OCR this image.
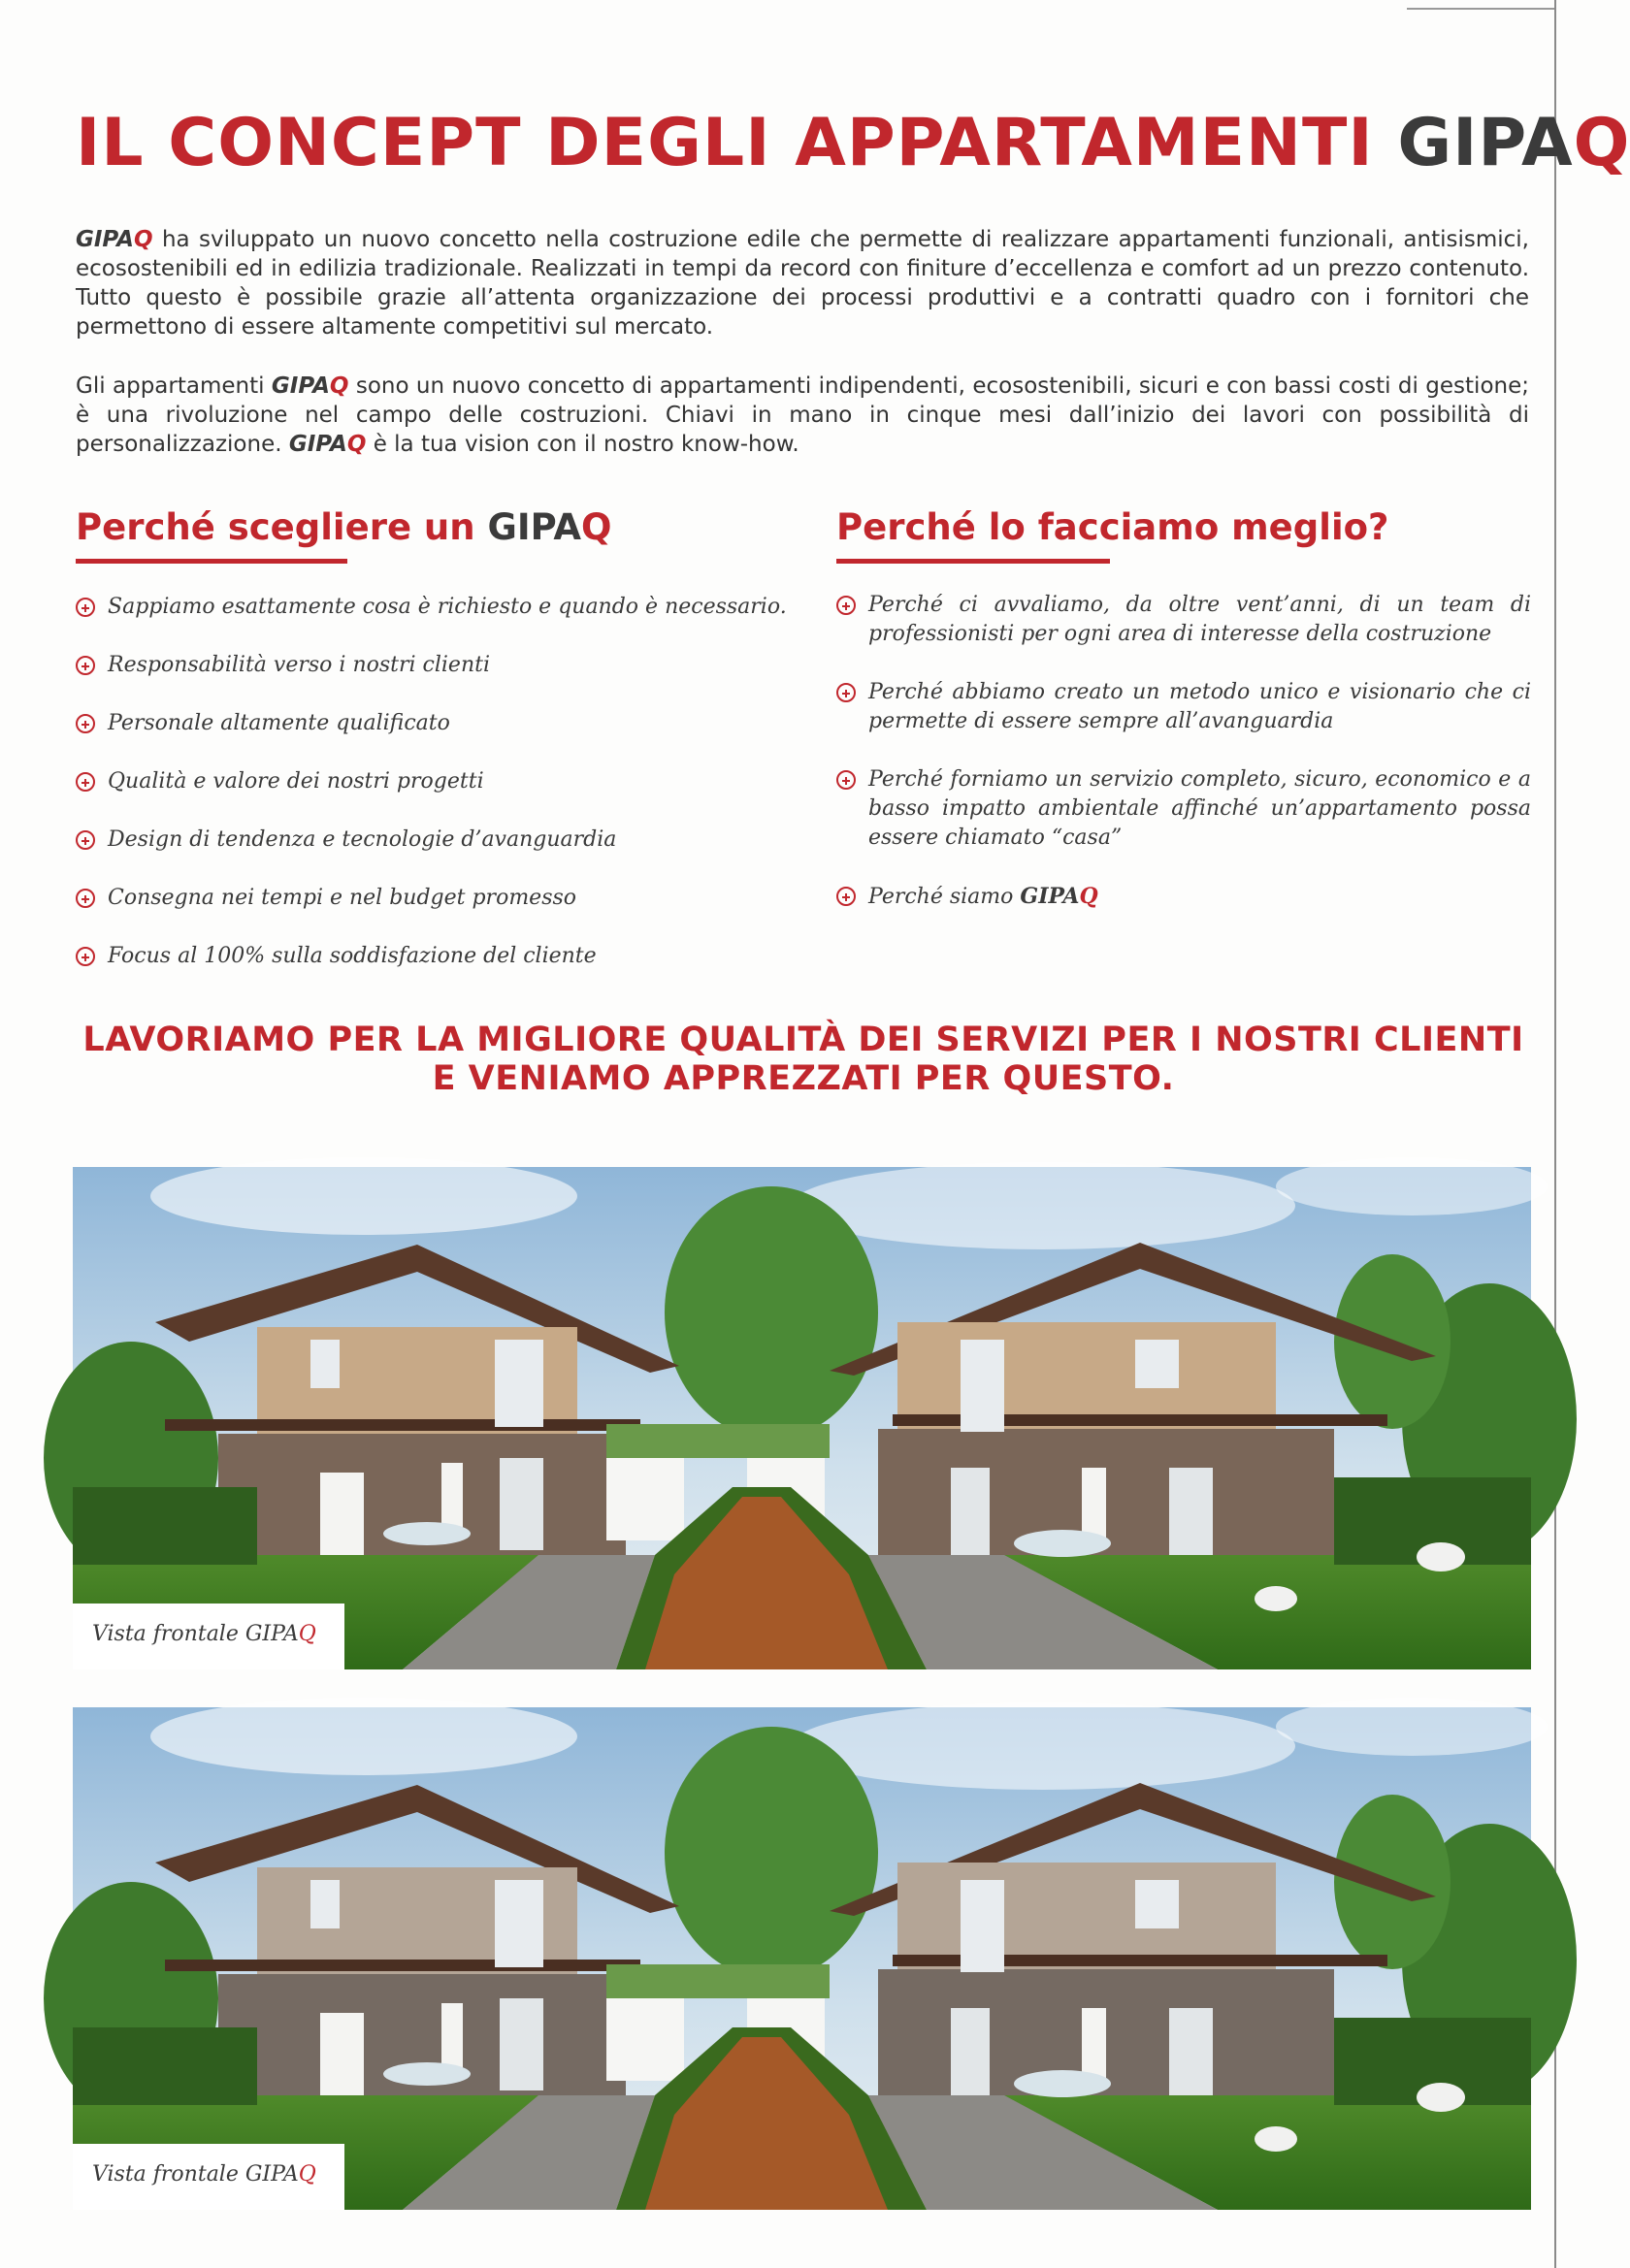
IL CONCEPT DEGLI APPARTAMENTI GIPAQ

GIPAQ ha sviluppato un nuovo concetto nella costruzione edile che permette di realizzare appartamenti funzionali, antisismici, ecosostenibili ed in edilizia tradizionale. Realizzati in tempi da record con finiture d’eccellenza e comfort ad un prezzo contenuto. Tutto questo è possibile grazie all’attenta organizzazione dei processi produttivi e a contratti quadro con i fornitori che permettono di essere altamente competitivi sul mercato.

Gli appartamenti GIPAQ sono un nuovo concetto di appartamenti indipendenti, ecosostenibili, sicuri e con bassi costi di gestione; è una rivoluzione nel campo delle costruzioni. Chiavi in mano in cinque mesi dall’inizio dei lavori con possibilità di personalizzazione. GIPAQ è la tua vision con il nostro know-how.

Perché scegliere un GIPAQ
Sappiamo esattamente cosa è richiesto e quando è necessario.
Responsabilità verso i nostri clienti
Personale altamente qualificato
Qualità e valore dei nostri progetti
Design di tendenza e tecnologie d’avanguardia
Consegna nei tempi e nel budget promesso
Focus al 100% sulla soddisfazione del cliente
Perché lo facciamo meglio?
Perché ci avvaliamo, da oltre vent’anni, di un team di professionisti per ogni area di interesse della costruzione
Perché abbiamo creato un metodo unico e visionario che ci permette di essere sempre all’avanguardia
Perché forniamo un servizio completo, sicuro, economico e a basso impatto ambientale affinché un’appartamento possa essere chiamato “casa”
Perché siamo GIPAQ
LAVORIAMO PER LA MIGLIORE QUALITÀ DEI SERVIZI PER I NOSTRI CLIENTI
E VENIAMO APPREZZATI PER QUESTO.
Vista frontale GIPAQ
Vista frontale GIPAQ
